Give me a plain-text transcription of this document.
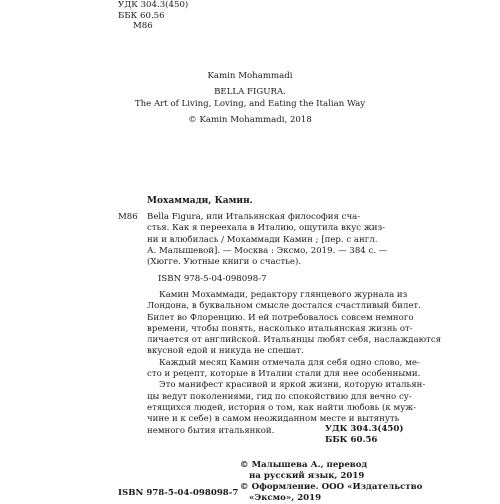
УДК 304.3(450)
ББК 60.56
М86
Kamin Mohammadi
BELLA FIGURA.
The Art of Living, Loving, and Eating the Italian Way
© Kamin Mohammadi, 2018
Мохаммади, Камин.
М86 Bella Figura, или Итальянская философия сча-
стья. Как я переехала в Италию, ощутила вкус жиз-
ни и влюбилась / Мохаммади Камин ; [пер. с англ.
А. Малышевой]. — Москва : Эксмо, 2019. — 384 с. —
(Хюгге. Уютные книги о счастье).
ISBN 978-5-04-098098-7
Камин Мохаммади, редактору глянцевого журнала из
Лондона, в буквальном смысле достался счастливый билет.
Билет во Флоренцию. И ей потребовалось совсем немного
времени, чтобы понять, насколько итальянская жизнь от-
личается от английской. Итальянцы любят себя, наслаждаются
вкусной едой и никуда не спешат.
Каждый месяц Камин отмечала для себя одно слово, ме-
сто и рецепт, которые в Италии стали для нее особенными.
Это манифест красивой и яркой жизни, которую итальян-
цы ведут поколениями, гид по спокойствию для вечно су-
етящихся людей, история о том, как найти любовь (к муж-
чине и к себе) в самом неожиданном месте и вытянуть
немного бытия итальянкой.	УДК 304.3(450)
ББК 60.56
ISBN 978-5-04-098098-7
© Малышева А., перевод
на русский язык, 2019
© Оформление. ООО «Издательство
«Эксмо», 2019
